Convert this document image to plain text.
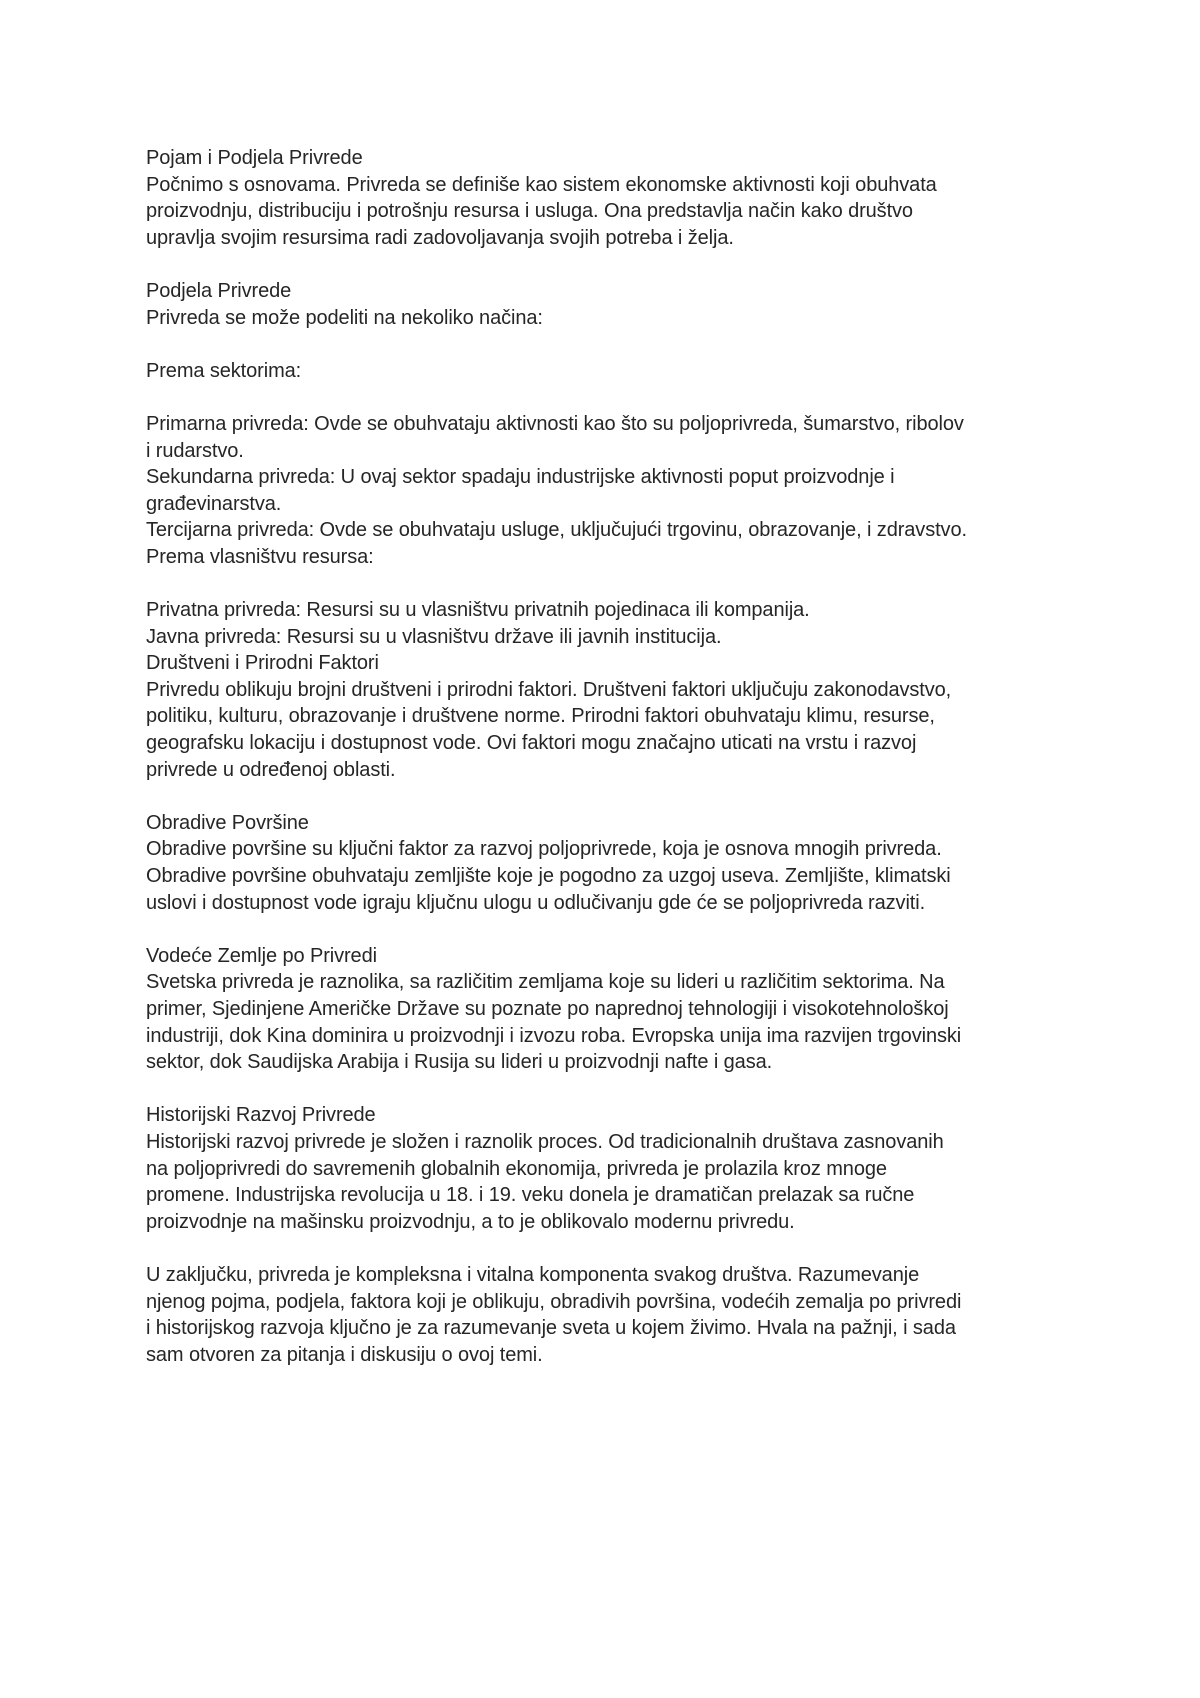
Pojam i Podjela Privrede
Počnimo s osnovama. Privreda se definiše kao sistem ekonomske aktivnosti koji obuhvata
proizvodnju, distribuciju i potrošnju resursa i usluga. Ona predstavlja način kako društvo
upravlja svojim resursima radi zadovoljavanja svojih potreba i želja.
Podjela Privrede
Privreda se može podeliti na nekoliko načina:
Prema sektorima:
Primarna privreda: Ovde se obuhvataju aktivnosti kao što su poljoprivreda, šumarstvo, ribolov
i rudarstvo.
Sekundarna privreda: U ovaj sektor spadaju industrijske aktivnosti poput proizvodnje i
građevinarstva.
Tercijarna privreda: Ovde se obuhvataju usluge, uključujući trgovinu, obrazovanje, i zdravstvo.
Prema vlasništvu resursa:
Privatna privreda: Resursi su u vlasništvu privatnih pojedinaca ili kompanija.
Javna privreda: Resursi su u vlasništvu države ili javnih institucija.
Društveni i Prirodni Faktori
Privredu oblikuju brojni društveni i prirodni faktori. Društveni faktori uključuju zakonodavstvo,
politiku, kulturu, obrazovanje i društvene norme. Prirodni faktori obuhvataju klimu, resurse,
geografsku lokaciju i dostupnost vode. Ovi faktori mogu značajno uticati na vrstu i razvoj
privrede u određenoj oblasti.
Obradive Površine
Obradive površine su ključni faktor za razvoj poljoprivrede, koja je osnova mnogih privreda.
Obradive površine obuhvataju zemljište koje je pogodno za uzgoj useva. Zemljište, klimatski
uslovi i dostupnost vode igraju ključnu ulogu u odlučivanju gde će se poljoprivreda razviti.
Vodeće Zemlje po Privredi
Svetska privreda je raznolika, sa različitim zemljama koje su lideri u različitim sektorima. Na
primer, Sjedinjene Američke Države su poznate po naprednoj tehnologiji i visokotehnološkoj
industriji, dok Kina dominira u proizvodnji i izvozu roba. Evropska unija ima razvijen trgovinski
sektor, dok Saudijska Arabija i Rusija su lideri u proizvodnji nafte i gasa.
Historijski Razvoj Privrede
Historijski razvoj privrede je složen i raznolik proces. Od tradicionalnih društava zasnovanih
na poljoprivredi do savremenih globalnih ekonomija, privreda je prolazila kroz mnoge
promene. Industrijska revolucija u 18. i 19. veku donela je dramatičan prelazak sa ručne
proizvodnje na mašinsku proizvodnju, a to je oblikovalo modernu privredu.
U zaključku, privreda je kompleksna i vitalna komponenta svakog društva. Razumevanje
njenog pojma, podjela, faktora koji je oblikuju, obradivih površina, vodećih zemalja po privredi
i historijskog razvoja ključno je za razumevanje sveta u kojem živimo. Hvala na pažnji, i sada
sam otvoren za pitanja i diskusiju o ovoj temi.
